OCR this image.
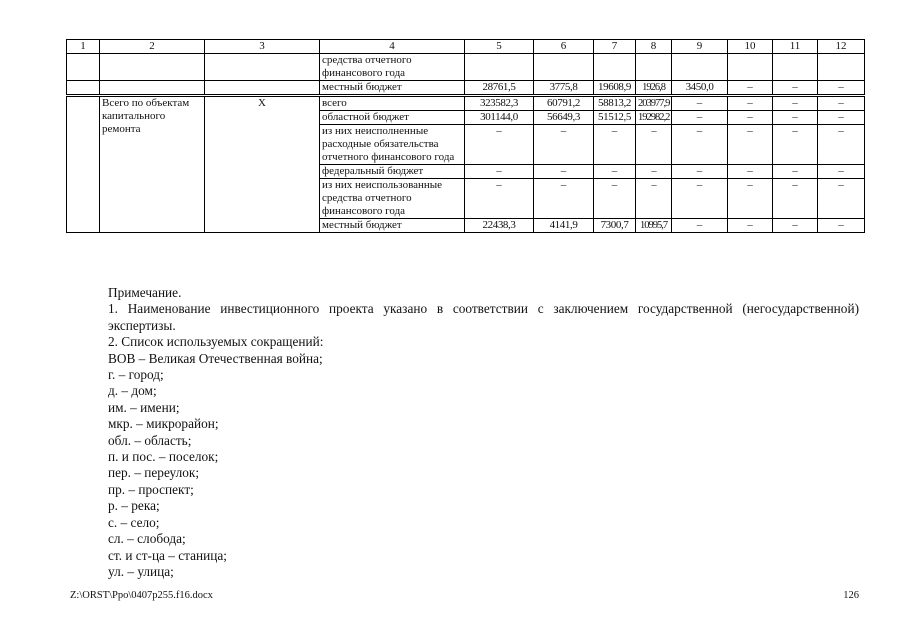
1	2	3	4	5	6	7	8	9	10	11	12
			средства отчетного финансового года								
			местный бюджет	28761,5	3775,8	19608,9	1926,8	3450,0	–	–	–
	Всего по объектам капитального ремонта	X	всего	323582,3	60791,2	58813,2	203977,9	–	–	–	–
			областной бюджет	301144,0	56649,3	51512,5	192982,2	–	–	–	–
			из них неисполненные расходные обязательства отчетного финансового года	–	–	–	–	–	–	–	–
			федеральный бюджет	–	–	–	–	–	–	–	–
			из них неиспользованные средства отчетного финансового года	–	–	–	–	–	–	–	–
			местный бюджет	22438,3	4141,9	7300,7	10995,7	–	–	–	–

Примечание.

1. Наименование инвестиционного проекта указано в соответствии с заключением государственной (негосударственной) экспертизы.

2. Список используемых сокращений:

ВОВ – Великая Отечественная война;

г. – город;

д. – дом;

им. – имени;

мкр. – микрорайон;

обл. – область;

п. и пос. – поселок;

пер. – переулок;

пр. – проспект;

р. – река;

с. – село;

сл. – слобода;

ст. и ст-ца – станица;

ул. – улица;

Z:\ORST\Ppo\0407p255.f16.docx	126
